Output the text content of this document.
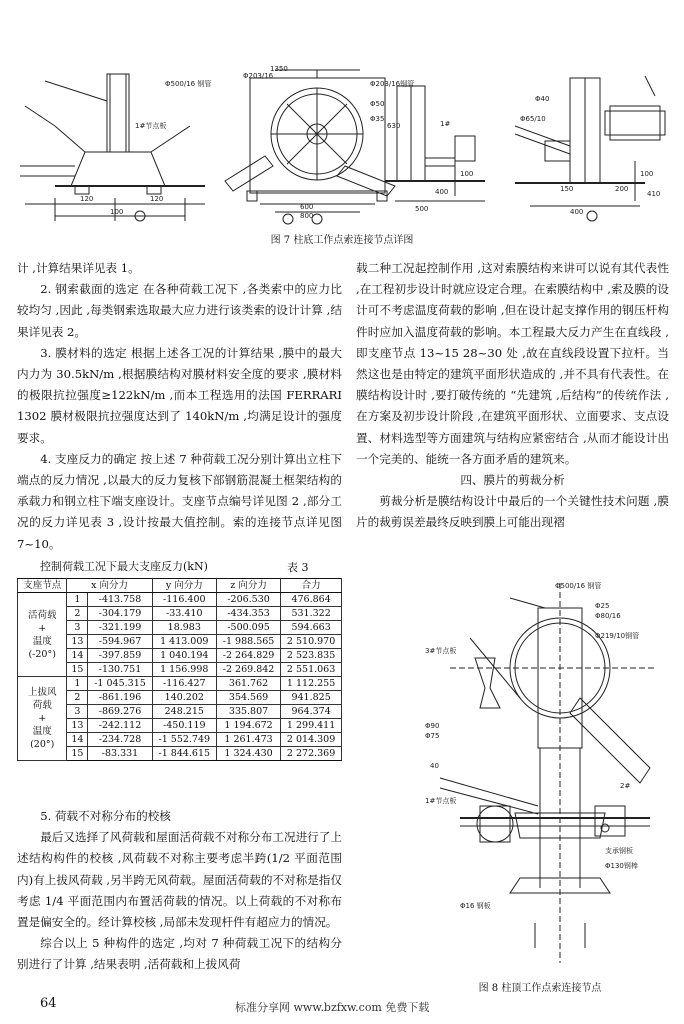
Φ500/16 钢管
1#节点板
120	120
100
Φ203/16
1350
Φ203/16钢管
Φ50
Φ35
630	1#
400
500
100
200
150
400
100
410
600
800
Φ65/10
Φ40
图 7 柱底工作点索连接节点详图

计 ,计算结果详见表 1。

2. 钢索截面的选定 在各种荷载工况下 ,各类索中的应力比较均匀 ,因此 ,每类钢索选取最大应力进行该类索的设计计算 ,结果详见表 2。

3. 膜材料的选定 根据上述各工况的计算结果 ,膜中的最大内力为 30.5kN/m ,根据膜结构对膜材料安全度的要求 ,膜材料的极限抗拉强度≥122kN/m ,而本工程选用的法国 FERRARI 1302 膜材极限抗拉强度达到了 140kN/m ,均满足设计的强度要求。

4. 支座反力的确定 按上述 7 种荷载工况分别计算出立柱下端点的反力情况 ,以最大的反力复核下部钢筋混凝土框架结构的承载力和钢立柱下端支座设计。支座节点编号详见图 2 ,部分工况的反力详见表 3 ,设计按最大值控制。索的连接节点详见图 7~10。

控制荷载工况下最大支座反力(kN)	表 3
支座节点	x 向分力		y 向分力	z 向分力	合力

活荷载
+
温度
(-20°)	1	-413.758	-116.400	-206.530	476.864
	2	-304.179	-33.410	-434.353	531.322
	3	-321.199	18.983	-500.095	594.663
	13	-594.967	1 413.009	-1 988.565	2 510.970
	14	-397.859	1 040.194	-2 264.829	2 523.835
	15	-130.751	1 156.998	-2 269.842	2 551.063

上拔风
荷载
+
温度
(20°)	1	-1 045.315	-116.427	361.762	1 112.255
	2	-861.196	140.202	354.569	941.825
	3	-869.276	248.215	335.807	964.374
	13	-242.112	-450.119	1 194.672	1 299.411
	14	-234.728	-1 552.749	1 261.473	2 014.309
	15	-83.331	-1 844.615	1 324.430	2 272.369

5. 荷载不对称分布的校核

最后又选择了风荷载和屋面活荷载不对称分布工况进行了上述结构构件的校核 ,风荷载不对称主要考虑半跨(1/2 平面范围内)有上拔风荷载 ,另半跨无风荷载。屋面活荷载的不对称是指仅考虑 1/4 平面范围内布置活荷载的情况。以上荷载的不对称布置是偏安全的。经计算校核 ,局部未发现杆件有超应力的情况。

综合以上 5 种构件的选定 ,均对 7 种荷载工况下的结构分别进行了计算 ,结果表明 ,活荷载和上拔风荷

载二种工况起控制作用 ,这对索膜结构来讲可以说有其代表性 ,在工程初步设计时就应设定合理。在索膜结构中 ,索及膜的设计可不考虑温度荷载的影响 ,但在设计起支撑作用的钢压杆构件时应加入温度荷载的影响。本工程最大反力产生在直线段 ,即支座节点 13~15 28~30 处 ,故在直线段设置下拉杆。当然这也是由特定的建筑平面形状造成的 ,并不具有代表性。在膜结构设计时 ,要打破传统的 “先建筑 ,后结构”的传统作法 ,在方案及初步设计阶段 ,在建筑平面形状、立面要求、支点设置、材料选型等方面建筑与结构应紧密结合 ,从而才能设计出一个完美的、能统一各方面矛盾的建筑来。

四、膜片的剪裁分析

剪裁分析是膜结构设计中最后的一个关键性技术问题 ,膜片的裁剪误差最终反映到膜上可能出现褶

Φ500/16 钢管
Φ25
Φ80/16
Φ219/10钢管
3#节点板
Φ90
Φ75
40
1#节点板
2#
支承钢板
Φ130钢棒
Φ16 钢板
图 8 柱顶工作点索连接节点
64	标准分享网 www.bzfxw.com 免费下载
